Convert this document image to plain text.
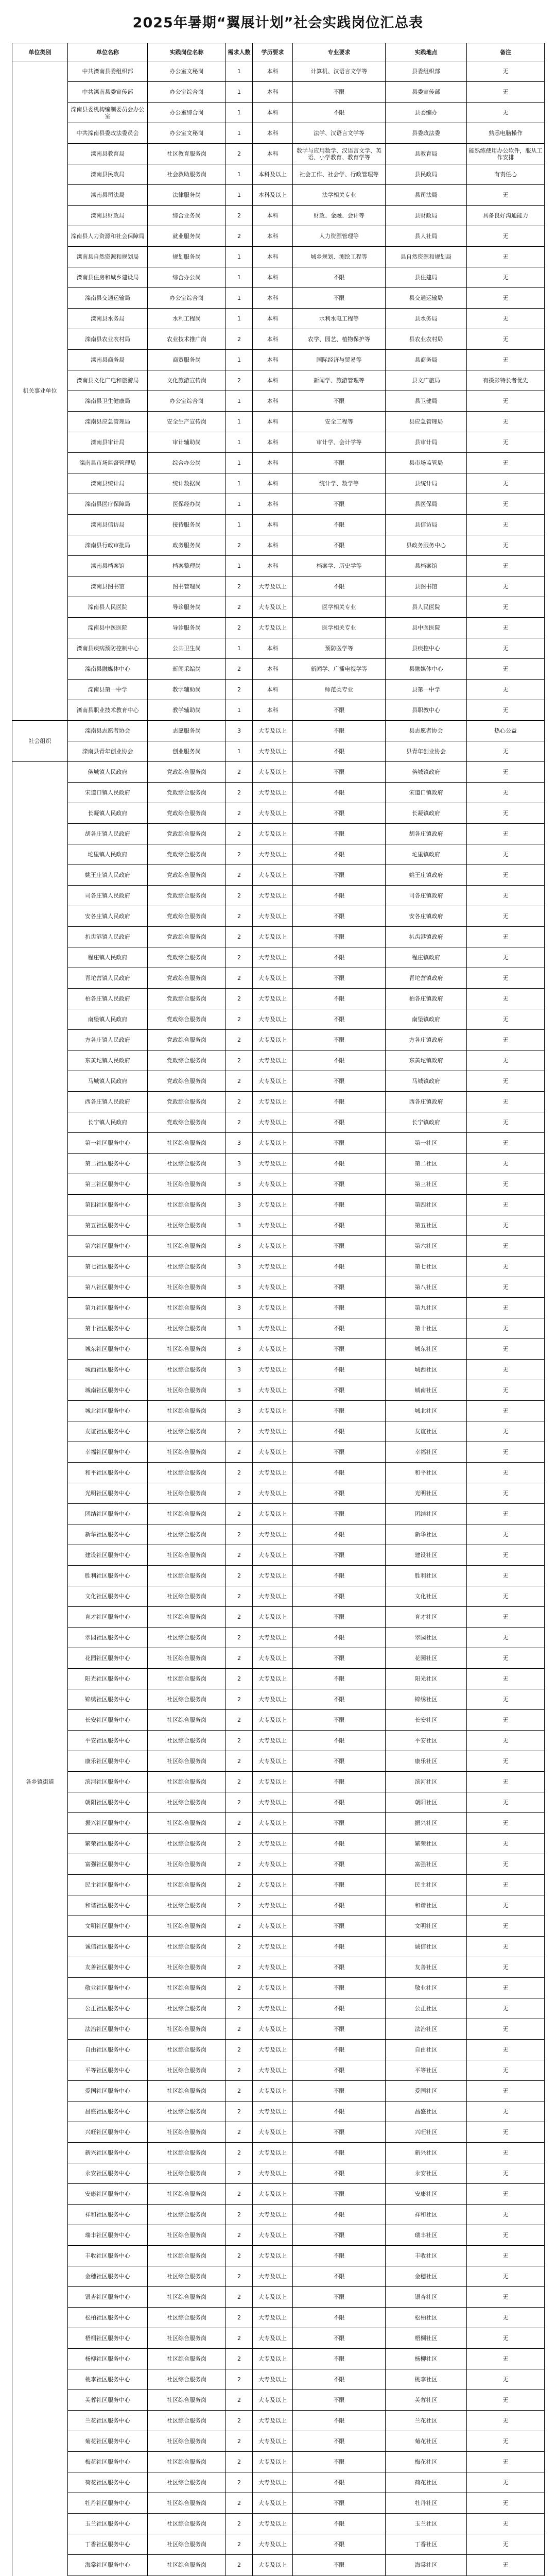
2025年暑期“翼展计划”社会实践岗位汇总表
单位类别	单位名称	实践岗位名称	需求人数	学历要求	专业要求	实践地点	备注
机关事业单位	中共滦南县委组织部	办公室文秘岗	1	本科	计算机、汉语言文学等	县委组织部	无
	中共滦南县委宣传部	办公室综合岗	1	本科	不限	县委宣传部	无
	滦南县委机构编制委员会办公室	办公室综合岗	1	本科	不限	县委编办	无
	中共滦南县委政法委员会	办公室文秘岗	1	本科	法学、汉语言文学等	县委政法委	熟悉电脑操作
	滦南县教育局	社区教育服务岗	2	本科	数学与应用数学、汉语言文学、英语、小学教育、教育学等	县教育局	能熟练使用办公软件，服从工作安排
	滦南县民政局	社会救助服务岗	1	本科及以上	社会工作、社会学、行政管理等	县民政局	有责任心
	滦南县司法局	法律服务岗	1	本科及以上	法学相关专业	县司法局	无
	滦南县财政局	综合业务岗	2	本科	财政、金融、会计等	县财政局	具备良好沟通能力
	滦南县人力资源和社会保障局	就业服务岗	2	本科	人力资源管理等	县人社局	无
	滦南县自然资源和规划局	规划服务岗	1	本科	城乡规划、测绘工程等	县自然资源和规划局	无
	滦南县住房和城乡建设局	综合办公岗	1	本科	不限	县住建局	无
	滦南县交通运输局	办公室综合岗	1	本科	不限	县交通运输局	无
	滦南县水务局	水利工程岗	1	本科	水利水电工程等	县水务局	无
	滦南县农业农村局	农业技术推广岗	2	本科	农学、园艺、植物保护等	县农业农村局	无
	滦南县商务局	商贸服务岗	1	本科	国际经济与贸易等	县商务局	无
	滦南县文化广电和旅游局	文化旅游宣传岗	2	本科	新闻学、旅游管理等	县文广旅局	有摄影特长者优先
	滦南县卫生健康局	办公室综合岗	1	本科	不限	县卫健局	无
	滦南县应急管理局	安全生产宣传岗	1	本科	安全工程等	县应急管理局	无
	滦南县审计局	审计辅助岗	1	本科	审计学、会计学等	县审计局	无
	滦南县市场监督管理局	综合办公岗	1	本科	不限	县市场监管局	无
	滦南县统计局	统计数据岗	1	本科	统计学、数学等	县统计局	无
	滦南县医疗保障局	医保经办岗	1	本科	不限	县医保局	无
	滦南县信访局	接待服务岗	1	本科	不限	县信访局	无
	滦南县行政审批局	政务服务岗	2	本科	不限	县政务服务中心	无
	滦南县档案馆	档案整理岗	1	本科	档案学、历史学等	县档案馆	无
	滦南县图书馆	图书管理岗	2	大专及以上	不限	县图书馆	无
	滦南县人民医院	导诊服务岗	2	大专及以上	医学相关专业	县人民医院	无
	滦南县中医医院	导诊服务岗	2	大专及以上	医学相关专业	县中医医院	无
	滦南县疾病预防控制中心	公共卫生岗	1	本科	预防医学等	县疾控中心	无
	滦南县融媒体中心	新闻采编岗	2	本科	新闻学、广播电视学等	县融媒体中心	无
	滦南县第一中学	教学辅助岗	2	本科	师范类专业	县第一中学	无
	滦南县职业技术教育中心	教学辅助岗	1	本科	不限	县职教中心	无
社会组织	滦南县志愿者协会	志愿服务岗	3	大专及以上	不限	县志愿者协会	热心公益
	滦南县青年创业协会	创业服务岗	1	大专及以上	不限	县青年创业协会	无
各乡镇街道	倴城镇人民政府	党政综合服务岗	2	大专及以上	不限	倴城镇政府	无
	宋道口镇人民政府	党政综合服务岗	2	大专及以上	不限	宋道口镇政府	无
	长凝镇人民政府	党政综合服务岗	2	大专及以上	不限	长凝镇政府	无
	胡各庄镇人民政府	党政综合服务岗	2	大专及以上	不限	胡各庄镇政府	无
	坨里镇人民政府	党政综合服务岗	2	大专及以上	不限	坨里镇政府	无
	姚王庄镇人民政府	党政综合服务岗	2	大专及以上	不限	姚王庄镇政府	无
	司各庄镇人民政府	党政综合服务岗	2	大专及以上	不限	司各庄镇政府	无
	安各庄镇人民政府	党政综合服务岗	2	大专及以上	不限	安各庄镇政府	无
	扒齿港镇人民政府	党政综合服务岗	2	大专及以上	不限	扒齿港镇政府	无
	程庄镇人民政府	党政综合服务岗	2	大专及以上	不限	程庄镇政府	无
	青坨营镇人民政府	党政综合服务岗	2	大专及以上	不限	青坨营镇政府	无
	柏各庄镇人民政府	党政综合服务岗	2	大专及以上	不限	柏各庄镇政府	无
	南堡镇人民政府	党政综合服务岗	2	大专及以上	不限	南堡镇政府	无
	方各庄镇人民政府	党政综合服务岗	2	大专及以上	不限	方各庄镇政府	无
	东黄坨镇人民政府	党政综合服务岗	2	大专及以上	不限	东黄坨镇政府	无
	马城镇人民政府	党政综合服务岗	2	大专及以上	不限	马城镇政府	无
	西各庄镇人民政府	党政综合服务岗	2	大专及以上	不限	西各庄镇政府	无
	长宁镇人民政府	党政综合服务岗	2	大专及以上	不限	长宁镇政府	无
	第一社区服务中心	社区综合服务岗	3	大专及以上	不限	第一社区	无
	第二社区服务中心	社区综合服务岗	3	大专及以上	不限	第二社区	无
	第三社区服务中心	社区综合服务岗	3	大专及以上	不限	第三社区	无
	第四社区服务中心	社区综合服务岗	3	大专及以上	不限	第四社区	无
	第五社区服务中心	社区综合服务岗	3	大专及以上	不限	第五社区	无
	第六社区服务中心	社区综合服务岗	3	大专及以上	不限	第六社区	无
	第七社区服务中心	社区综合服务岗	3	大专及以上	不限	第七社区	无
	第八社区服务中心	社区综合服务岗	3	大专及以上	不限	第八社区	无
	第九社区服务中心	社区综合服务岗	3	大专及以上	不限	第九社区	无
	第十社区服务中心	社区综合服务岗	3	大专及以上	不限	第十社区	无
	城东社区服务中心	社区综合服务岗	3	大专及以上	不限	城东社区	无
	城西社区服务中心	社区综合服务岗	3	大专及以上	不限	城西社区	无
	城南社区服务中心	社区综合服务岗	3	大专及以上	不限	城南社区	无
	城北社区服务中心	社区综合服务岗	3	大专及以上	不限	城北社区	无
	友谊社区服务中心	社区综合服务岗	2	大专及以上	不限	友谊社区	无
	幸福社区服务中心	社区综合服务岗	2	大专及以上	不限	幸福社区	无
	和平社区服务中心	社区综合服务岗	2	大专及以上	不限	和平社区	无
	光明社区服务中心	社区综合服务岗	2	大专及以上	不限	光明社区	无
	团结社区服务中心	社区综合服务岗	2	大专及以上	不限	团结社区	无
	新华社区服务中心	社区综合服务岗	2	大专及以上	不限	新华社区	无
	建设社区服务中心	社区综合服务岗	2	大专及以上	不限	建设社区	无
	胜利社区服务中心	社区综合服务岗	2	大专及以上	不限	胜利社区	无
	文化社区服务中心	社区综合服务岗	2	大专及以上	不限	文化社区	无
	育才社区服务中心	社区综合服务岗	2	大专及以上	不限	育才社区	无
	翠园社区服务中心	社区综合服务岗	2	大专及以上	不限	翠园社区	无
	花园社区服务中心	社区综合服务岗	2	大专及以上	不限	花园社区	无
	阳光社区服务中心	社区综合服务岗	2	大专及以上	不限	阳光社区	无
	锦绣社区服务中心	社区综合服务岗	2	大专及以上	不限	锦绣社区	无
	长安社区服务中心	社区综合服务岗	2	大专及以上	不限	长安社区	无
	平安社区服务中心	社区综合服务岗	2	大专及以上	不限	平安社区	无
	康乐社区服务中心	社区综合服务岗	2	大专及以上	不限	康乐社区	无
	滨河社区服务中心	社区综合服务岗	2	大专及以上	不限	滨河社区	无
	朝阳社区服务中心	社区综合服务岗	2	大专及以上	不限	朝阳社区	无
	振兴社区服务中心	社区综合服务岗	2	大专及以上	不限	振兴社区	无
	繁荣社区服务中心	社区综合服务岗	2	大专及以上	不限	繁荣社区	无
	富强社区服务中心	社区综合服务岗	2	大专及以上	不限	富强社区	无
	民主社区服务中心	社区综合服务岗	2	大专及以上	不限	民主社区	无
	和谐社区服务中心	社区综合服务岗	2	大专及以上	不限	和谐社区	无
	文明社区服务中心	社区综合服务岗	2	大专及以上	不限	文明社区	无
	诚信社区服务中心	社区综合服务岗	2	大专及以上	不限	诚信社区	无
	友善社区服务中心	社区综合服务岗	2	大专及以上	不限	友善社区	无
	敬业社区服务中心	社区综合服务岗	2	大专及以上	不限	敬业社区	无
	公正社区服务中心	社区综合服务岗	2	大专及以上	不限	公正社区	无
	法治社区服务中心	社区综合服务岗	2	大专及以上	不限	法治社区	无
	自由社区服务中心	社区综合服务岗	2	大专及以上	不限	自由社区	无
	平等社区服务中心	社区综合服务岗	2	大专及以上	不限	平等社区	无
	爱国社区服务中心	社区综合服务岗	2	大专及以上	不限	爱国社区	无
	昌盛社区服务中心	社区综合服务岗	2	大专及以上	不限	昌盛社区	无
	兴旺社区服务中心	社区综合服务岗	2	大专及以上	不限	兴旺社区	无
	新兴社区服务中心	社区综合服务岗	2	大专及以上	不限	新兴社区	无
	永安社区服务中心	社区综合服务岗	2	大专及以上	不限	永安社区	无
	安康社区服务中心	社区综合服务岗	2	大专及以上	不限	安康社区	无
	祥和社区服务中心	社区综合服务岗	2	大专及以上	不限	祥和社区	无
	瑞丰社区服务中心	社区综合服务岗	2	大专及以上	不限	瑞丰社区	无
	丰收社区服务中心	社区综合服务岗	2	大专及以上	不限	丰收社区	无
	金穗社区服务中心	社区综合服务岗	2	大专及以上	不限	金穗社区	无
	银杏社区服务中心	社区综合服务岗	2	大专及以上	不限	银杏社区	无
	松柏社区服务中心	社区综合服务岗	2	大专及以上	不限	松柏社区	无
	梧桐社区服务中心	社区综合服务岗	2	大专及以上	不限	梧桐社区	无
	杨柳社区服务中心	社区综合服务岗	2	大专及以上	不限	杨柳社区	无
	桃李社区服务中心	社区综合服务岗	2	大专及以上	不限	桃李社区	无
	芙蓉社区服务中心	社区综合服务岗	2	大专及以上	不限	芙蓉社区	无
	兰花社区服务中心	社区综合服务岗	2	大专及以上	不限	兰花社区	无
	菊花社区服务中心	社区综合服务岗	2	大专及以上	不限	菊花社区	无
	梅花社区服务中心	社区综合服务岗	2	大专及以上	不限	梅花社区	无
	荷花社区服务中心	社区综合服务岗	2	大专及以上	不限	荷花社区	无
	牡丹社区服务中心	社区综合服务岗	2	大专及以上	不限	牡丹社区	无
	玉兰社区服务中心	社区综合服务岗	2	大专及以上	不限	玉兰社区	无
	丁香社区服务中心	社区综合服务岗	2	大专及以上	不限	丁香社区	无
	海棠社区服务中心	社区综合服务岗	2	大专及以上	不限	海棠社区	无
